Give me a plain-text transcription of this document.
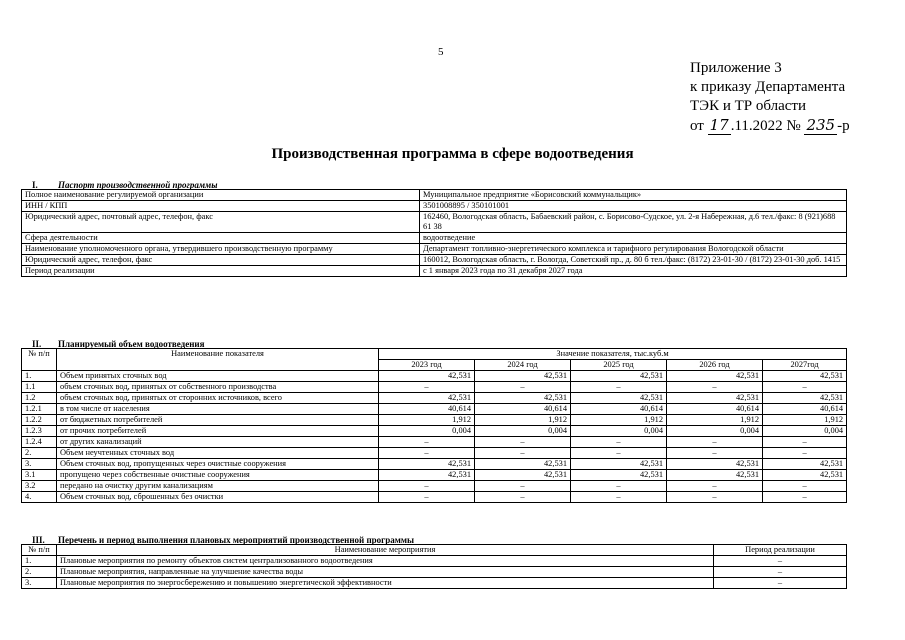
5
Приложение 3
к приказу Департамента
ТЭК и ТР области
от 17 .11.2022 № 235 -р
Производственная программа в сфере водоотведения
I. Паспорт производственной программы
Полное наименование регулируемой организации	Муниципальное предприятие «Борисовский коммунальщик»
ИНН / КПП	3501008895 / 350101001
Юридический адрес, почтовый адрес, телефон, факс	162460, Вологодская область, Бабаевский район, с. Борисово-Судское, ул. 2-я Набережная, д.6 тел./факс: 8 (921)688 61 38
Сфера деятельности	водоотведение
Наименование уполномоченного органа, утвердившего производственную программу	Департамент топливно-энергетического комплекса и тарифного регулирования Вологодской области
Юридический адрес, телефон, факс	160012, Вологодская область, г. Вологда, Советский пр., д. 80 б тел./факс: (8172) 23-01-30 / (8172) 23-01-30 доб. 1415
Период реализации	с 1 января 2023 года по 31 декабря 2027 года
II. Планируемый объем водоотведения
№ п/п	Наименование показателя	Значение показателя, тыс.куб.м				
		2023 год	2024 год	2025 год	2026 год	2027год
1.	Объем принятых сточных вод	42,531	42,531	42,531	42,531	42,531
1.1	объем сточных вод, принятых от собственного производства	–	–	–	–	–
1.2	объем сточных вод, принятых от сторонних источников, всего	42,531	42,531	42,531	42,531	42,531
1.2.1	в том числе от населения	40,614	40,614	40,614	40,614	40,614
1.2.2	от бюджетных потребителей	1,912	1,912	1,912	1,912	1,912
1.2.3	от прочих потребителей	0,004	0,004	0,004	0,004	0,004
1.2.4	от других канализаций	–	–	–	–	–
2.	Объем неучтенных сточных вод	–	–	–	–	–
3.	Объем сточных вод, пропущенных через очистные сооружения	42,531	42,531	42,531	42,531	42,531
3.1	пропущено через собственные очистные сооружения	42,531	42,531	42,531	42,531	42,531
3.2	передано на очистку другим канализациям	–	–	–	–	–
4.	Объем сточных вод, сброшенных без очистки	–	–	–	–	–
III. Перечень и период выполнения плановых мероприятий производственной программы
№ п/п	Наименование мероприятия	Период реализации
1.	Плановые мероприятия по ремонту объектов систем централизованного водоотведения	–
2.	Плановые мероприятия, направленные на улучшение качества воды	–
3.	Плановые мероприятия по энергосбережению и повышению энергетической эффективности	–
